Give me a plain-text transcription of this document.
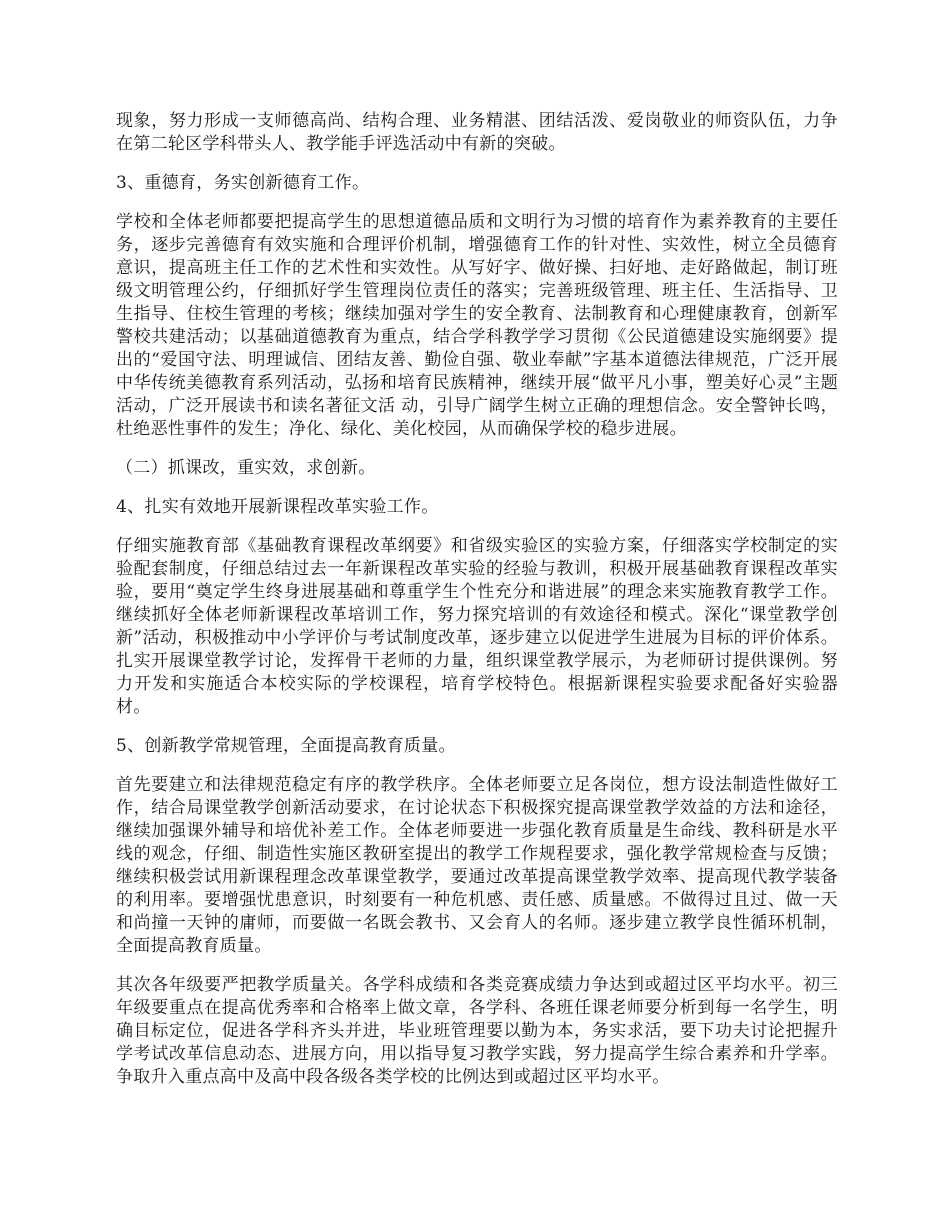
现象，努力形成一支师德高尚、结构合理、业务精湛、团结活泼、爱岗敬业的师资队伍，力争在第二轮区学科带头人、教学能手评选活动中有新的突破。

3、重德育，务实创新德育工作。

学校和全体老师都要把提高学生的思想道德品质和文明行为习惯的培育作为素养教育的主要任务，逐步完善德育有效实施和合理评价机制，增强德育工作的针对性、实效性，树立全员德育意识，提高班主任工作的艺术性和实效性。从写好字、做好操、扫好地、走好路做起，制订班级文明管理公约，仔细抓好学生管理岗位责任的落实；完善班级管理、班主任、生活指导、卫生指导、住校生管理的考核；继续加强对学生的安全教育、法制教育和心理健康教育，创新军警校共建活动；以基础道德教育为重点，结合学科教学学习贯彻《公民道德建设实施纲要》提出的“爱国守法、明理诚信、团结友善、勤俭自强、敬业奉献”字基本道德法律规范，广泛开展中华传统美德教育系列活动，弘扬和培育民族精神，继续开展“做平凡小事，塑美好心灵”主题活动，广泛开展读书和读名著征文活 动，引导广阔学生树立正确的理想信念。安全警钟长鸣，杜绝恶性事件的发生；净化、绿化、美化校园，从而确保学校的稳步进展。

（二）抓课改，重实效，求创新。

4、扎实有效地开展新课程改革实验工作。

仔细实施教育部《基础教育课程改革纲要》和省级实验区的实验方案，仔细落实学校制定的实验配套制度，仔细总结过去一年新课程改革实验的经验与教训，积极开展基础教育课程改革实验，要用“奠定学生终身进展基础和尊重学生个性充分和谐进展”的理念来实施教育教学工作。继续抓好全体老师新课程改革培训工作，努力探究培训的有效途径和模式。深化“课堂教学创新”活动，积极推动中小学评价与考试制度改革，逐步建立以促进学生进展为目标的评价体系。扎实开展课堂教学讨论，发挥骨干老师的力量，组织课堂教学展示，为老师研讨提供课例。努力开发和实施适合本校实际的学校课程，培育学校特色。根据新课程实验要求配备好实验器材。

5、创新教学常规管理，全面提高教育质量。

首先要建立和法律规范稳定有序的教学秩序。全体老师要立足各岗位，想方设法制造性做好工作，结合局课堂教学创新活动要求，在讨论状态下积极探究提高课堂教学效益的方法和途径，继续加强课外辅导和培优补差工作。全体老师要进一步强化教育质量是生命线、教科研是水平线的观念，仔细、制造性实施区教研室提出的教学工作规程要求，强化教学常规检查与反馈；继续积极尝试用新课程理念改革课堂教学，要通过改革提高课堂教学效率、提高现代教学装备的利用率。要增强忧患意识，时刻要有一种危机感、责任感、质量感。不做得过且过、做一天和尚撞一天钟的庸师，而要做一名既会教书、又会育人的名师。逐步建立教学良性循环机制，全面提高教育质量。

其次各年级要严把教学质量关。各学科成绩和各类竞赛成绩力争达到或超过区平均水平。初三年级要重点在提高优秀率和合格率上做文章，各学科、各班任课老师要分析到每一名学生，明确目标定位，促进各学科齐头并进，毕业班管理要以勤为本，务实求活，要下功夫讨论把握升学考试改革信息动态、进展方向，用以指导复习教学实践，努力提高学生综合素养和升学率。争取升入重点高中及高中段各级各类学校的比例达到或超过区平均水平。
